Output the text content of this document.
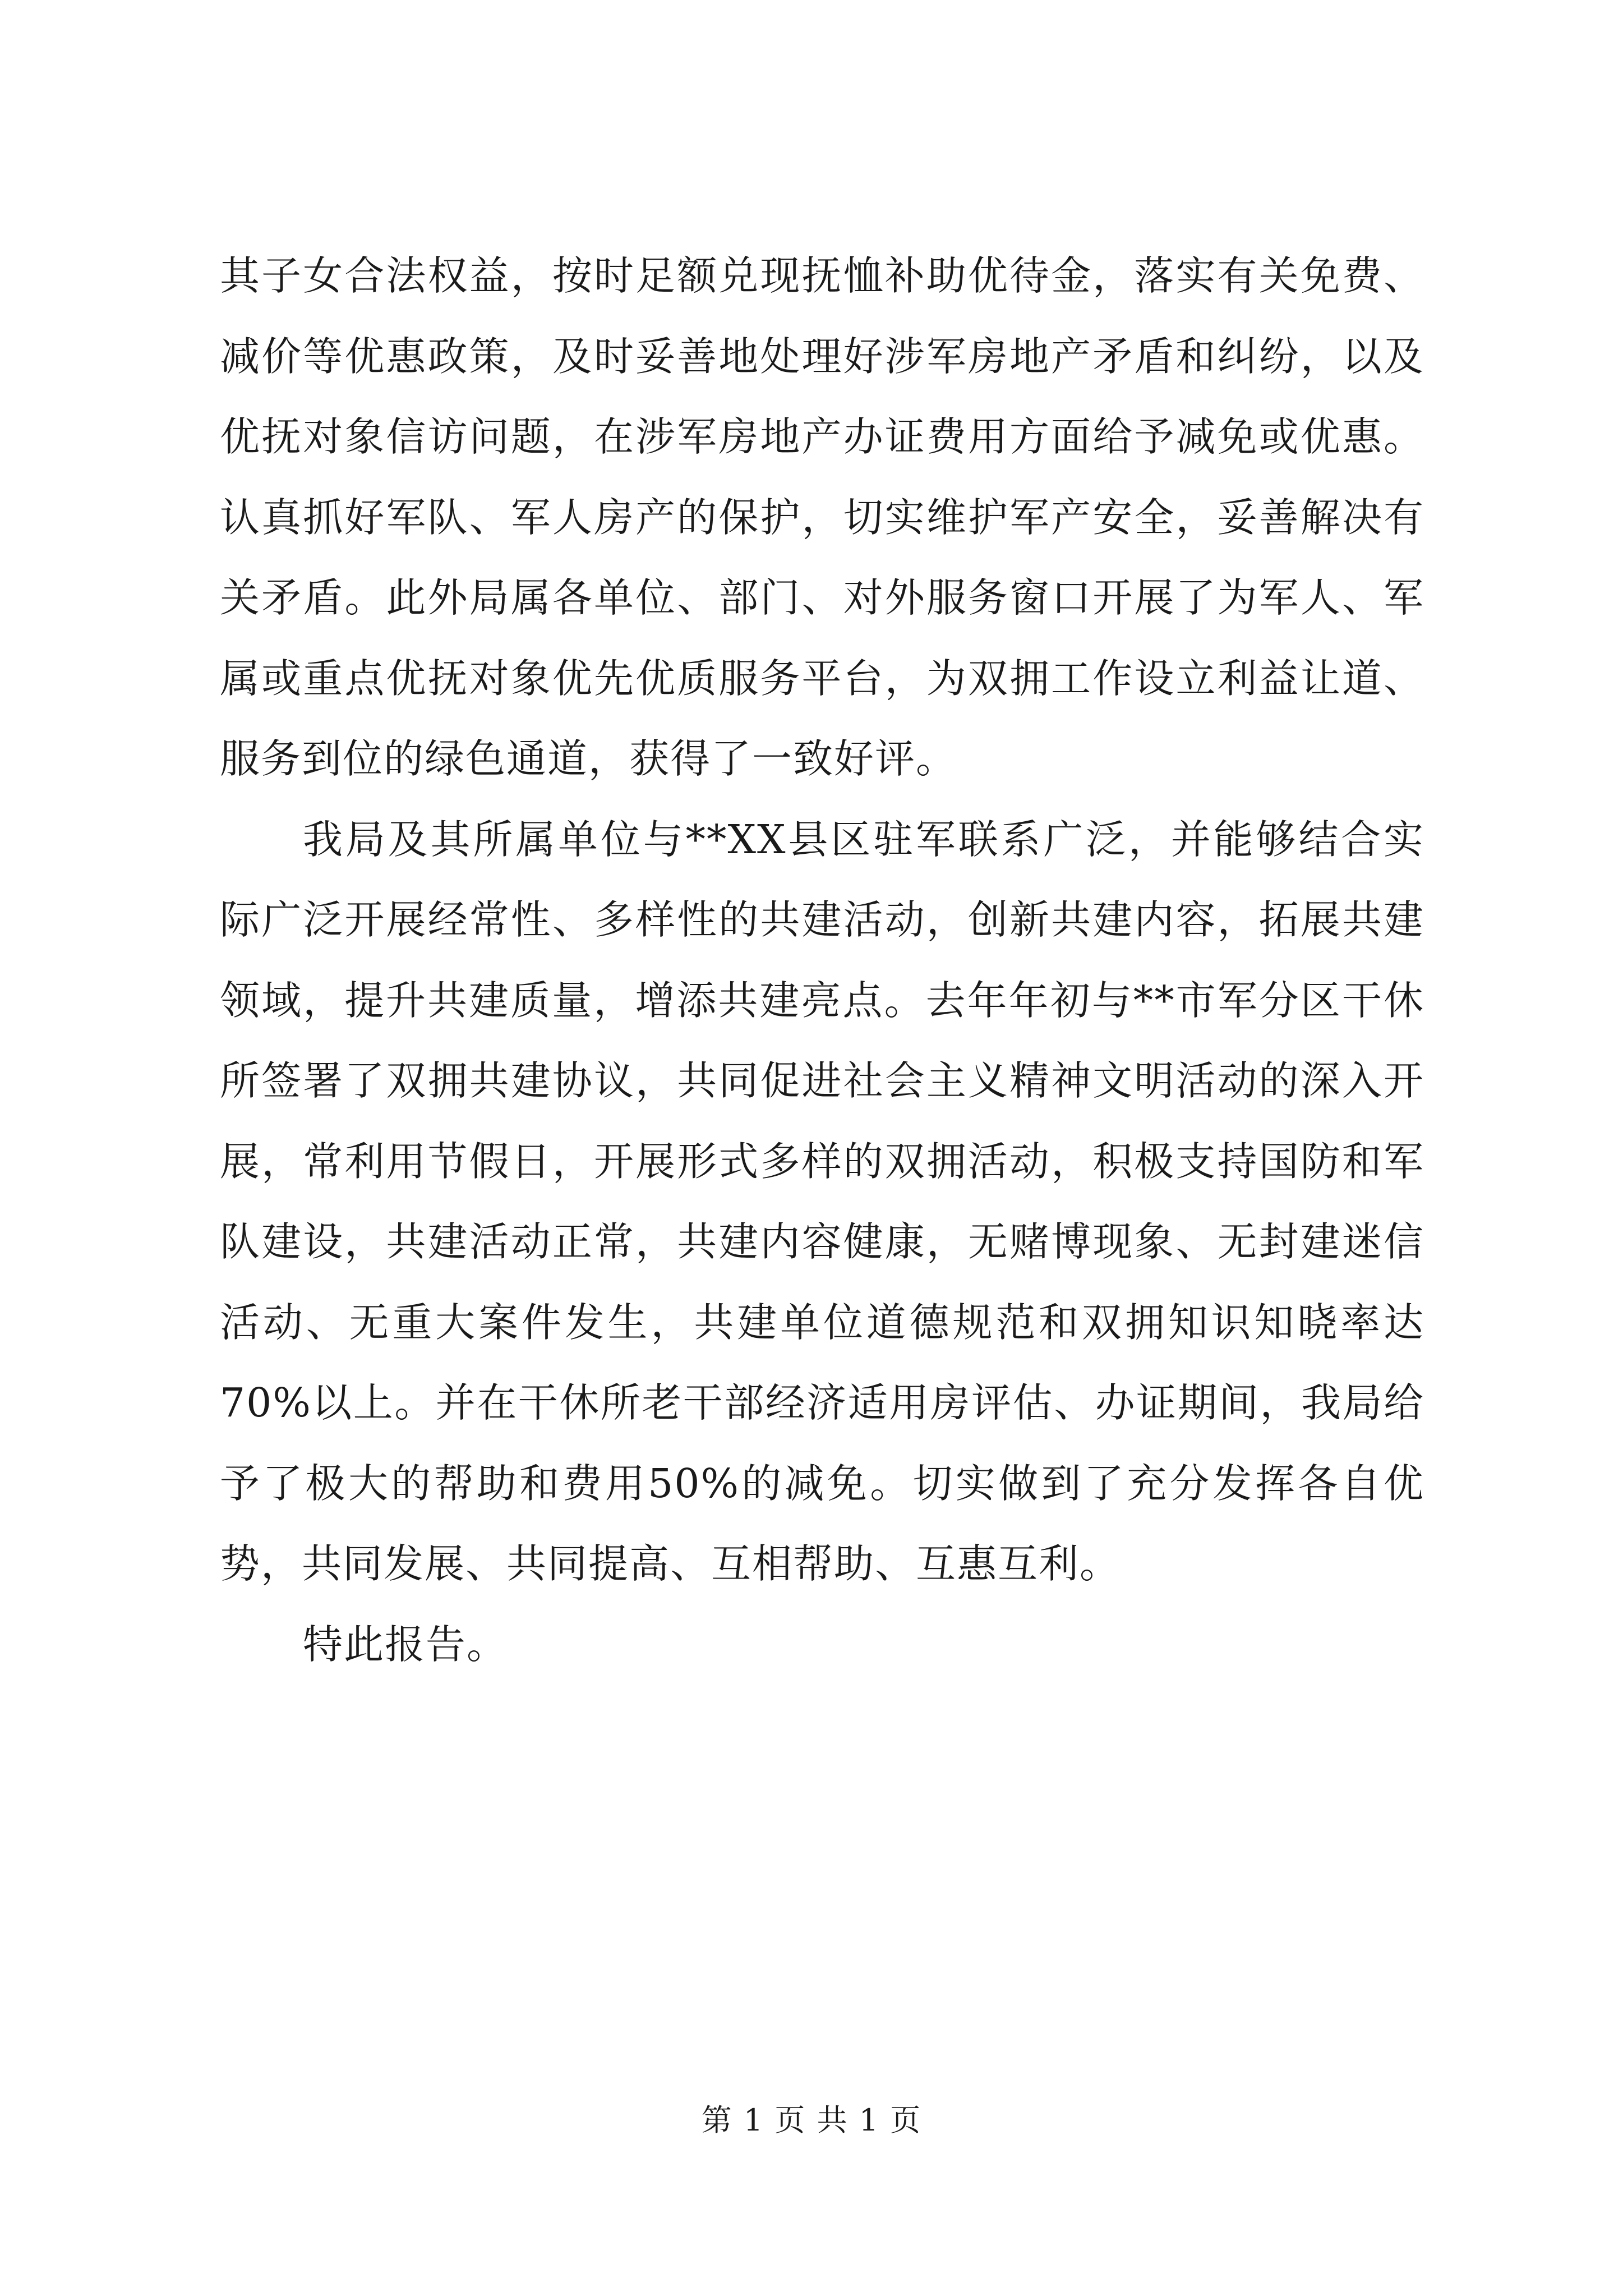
其子女合法权益，按时足额兑现抚恤补助优待金，落实有关免费、减价等优惠政策，及时妥善地处理好涉军房地产矛盾和纠纷，以及优抚对象信访问题，在涉军房地产办证费用方面给予减免或优惠。认真抓好军队、军人房产的保护，切实维护军产安全，妥善解决有关矛盾。此外局属各单位、部门、对外服务窗口开展了为军人、军属或重点优抚对象优先优质服务平台，为双拥工作设立利益让道、服务到位的绿色通道，获得了一致好评。

我局及其所属单位与**XX县区驻军联系广泛，并能够结合实际广泛开展经常性、多样性的共建活动，创新共建内容，拓展共建领域，提升共建质量，增添共建亮点。去年年初与**市军分区干休所签署了双拥共建协议，共同促进社会主义精神文明活动的深入开展，常利用节假日，开展形式多样的双拥活动，积极支持国防和军队建设，共建活动正常，共建内容健康，无赌博现象、无封建迷信活动、无重大案件发生，共建单位道德规范和双拥知识知晓率达70%以上。并在干休所老干部经济适用房评估、办证期间，我局给予了极大的帮助和费用50%的减免。切实做到了充分发挥各自优势，共同发展、共同提高、互相帮助、互惠互利。

特此报告。

第 1 页 共 1 页
